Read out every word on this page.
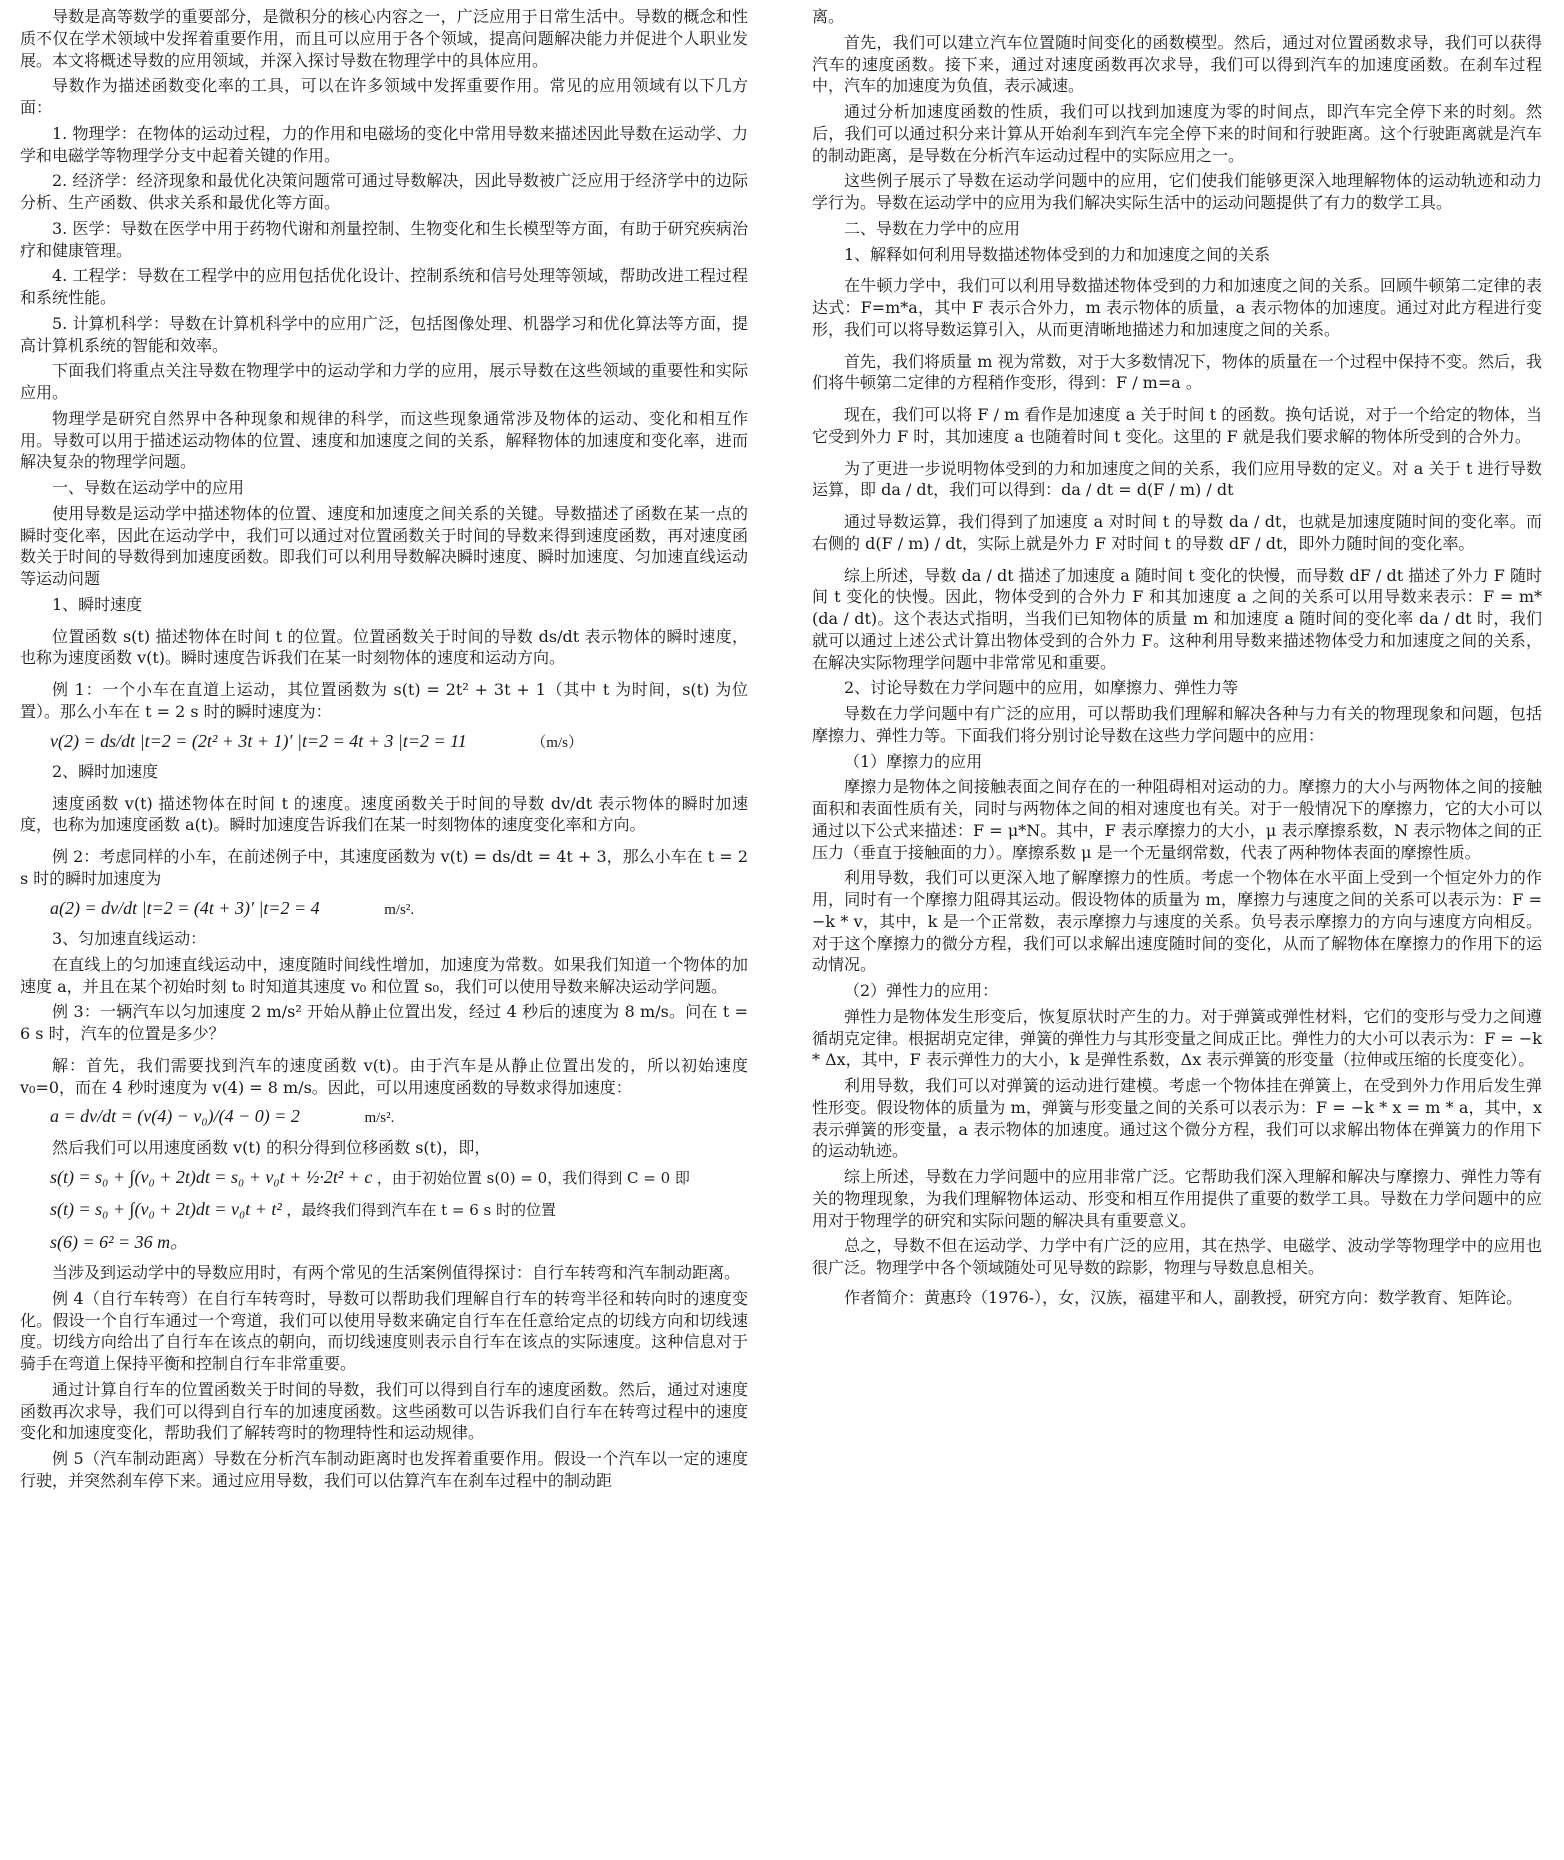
导数是高等数学的重要部分，是微积分的核心内容之一，广泛应用于日常生活中。导数的概念和性质不仅在学术领域中发挥着重要作用，而且可以应用于各个领域，提高问题解决能力并促进个人职业发展。本文将概述导数的应用领域，并深入探讨导数在物理学中的具体应用。

导数作为描述函数变化率的工具，可以在许多领域中发挥重要作用。常见的应用领域有以下几方面：

1. 物理学：在物体的运动过程，力的作用和电磁场的变化中常用导数来描述因此导数在运动学、力学和电磁学等物理学分支中起着关键的作用。

2. 经济学：经济现象和最优化决策问题常可通过导数解决，因此导数被广泛应用于经济学中的边际分析、生产函数、供求关系和最优化等方面。

3. 医学：导数在医学中用于药物代谢和剂量控制、生物变化和生长模型等方面，有助于研究疾病治疗和健康管理。

4. 工程学：导数在工程学中的应用包括优化设计、控制系统和信号处理等领域，帮助改进工程过程和系统性能。

5. 计算机科学：导数在计算机科学中的应用广泛，包括图像处理、机器学习和优化算法等方面，提高计算机系统的智能和效率。

下面我们将重点关注导数在物理学中的运动学和力学的应用，展示导数在这些领域的重要性和实际应用。

物理学是研究自然界中各种现象和规律的科学，而这些现象通常涉及物体的运动、变化和相互作用。导数可以用于描述运动物体的位置、速度和加速度之间的关系，解释物体的加速度和变化率，进而解决复杂的物理学问题。

一、导数在运动学中的应用

使用导数是运动学中描述物体的位置、速度和加速度之间关系的关键。导数描述了函数在某一点的瞬时变化率，因此在运动学中，我们可以通过对位置函数关于时间的导数来得到速度函数，再对速度函数关于时间的导数得到加速度函数。即我们可以利用导数解决瞬时速度、瞬时加速度、匀加速直线运动等运动问题

1、瞬时速度

位置函数 s(t) 描述物体在时间 t 的位置。位置函数关于时间的导数 ds/dt 表示物体的瞬时速度，也称为速度函数 v(t)。瞬时速度告诉我们在某一时刻物体的速度和运动方向。

例 1：一个小车在直道上运动，其位置函数为 s(t) = 2t² + 3t + 1（其中 t 为时间，s(t) 为位置）。那么小车在 t = 2 s 时的瞬时速度为：

v(2) = ds/dt |t=2 = (2t² + 3t + 1)′ |t=2 = 4t + 3 |t=2 = 11	（m/s）

2、瞬时加速度

速度函数 v(t) 描述物体在时间 t 的速度。速度函数关于时间的导数 dv/dt 表示物体的瞬时加速度，也称为加速度函数 a(t)。瞬时加速度告诉我们在某一时刻物体的速度变化率和方向。

例 2：考虑同样的小车，在前述例子中，其速度函数为 v(t) = ds/dt = 4t + 3，那么小车在 t = 2 s 时的瞬时加速度为

a(2) = dv/dt |t=2 = (4t + 3)′ |t=2 = 4	m/s².

3、匀加速直线运动：

在直线上的匀加速直线运动中，速度随时间线性增加，加速度为常数。如果我们知道一个物体的加速度 a，并且在某个初始时刻 t₀ 时知道其速度 v₀ 和位置 s₀，我们可以使用导数来解决运动学问题。

例 3：一辆汽车以匀加速度 2 m/s² 开始从静止位置出发，经过 4 秒后的速度为 8 m/s。问在 t = 6 s 时，汽车的位置是多少？

解：首先，我们需要找到汽车的速度函数 v(t)。由于汽车是从静止位置出发的，所以初始速度 v₀=0，而在 4 秒时速度为 v(4) = 8 m/s。因此，可以用速度函数的导数求得加速度：

a = dv/dt = (v(4) − v₀)/(4 − 0) = 2	m/s².

然后我们可以用速度函数 v(t) 的积分得到位移函数 s(t)，即，

s(t) = s₀ + ∫(v₀ + 2t)dt = s₀ + v₀t + ½·2t² + c ，由于初始位置 s(0) = 0，我们得到 C = 0 即
s(t) = s₀ + ∫(v₀ + 2t)dt = v₀t + t² ，最终我们得到汽车在 t = 6 s 时的位置
s(6) = 6² = 36 m。

当涉及到运动学中的导数应用时，有两个常见的生活案例值得探讨：自行车转弯和汽车制动距离。

例 4（自行车转弯）在自行车转弯时，导数可以帮助我们理解自行车的转弯半径和转向时的速度变化。假设一个自行车通过一个弯道，我们可以使用导数来确定自行车在任意给定点的切线方向和切线速度。切线方向给出了自行车在该点的朝向，而切线速度则表示自行车在该点的实际速度。这种信息对于骑手在弯道上保持平衡和控制自行车非常重要。

通过计算自行车的位置函数关于时间的导数，我们可以得到自行车的速度函数。然后，通过对速度函数再次求导，我们可以得到自行车的加速度函数。这些函数可以告诉我们自行车在转弯过程中的速度变化和加速度变化，帮助我们了解转弯时的物理特性和运动规律。

例 5（汽车制动距离）导数在分析汽车制动距离时也发挥着重要作用。假设一个汽车以一定的速度行驶，并突然刹车停下来。通过应用导数，我们可以估算汽车在刹车过程中的制动距

离。

首先，我们可以建立汽车位置随时间变化的函数模型。然后，通过对位置函数求导，我们可以获得汽车的速度函数。接下来，通过对速度函数再次求导，我们可以得到汽车的加速度函数。在刹车过程中，汽车的加速度为负值，表示减速。

通过分析加速度函数的性质，我们可以找到加速度为零的时间点，即汽车完全停下来的时刻。然后，我们可以通过积分来计算从开始刹车到汽车完全停下来的时间和行驶距离。这个行驶距离就是汽车的制动距离，是导数在分析汽车运动过程中的实际应用之一。

这些例子展示了导数在运动学问题中的应用，它们使我们能够更深入地理解物体的运动轨迹和动力学行为。导数在运动学中的应用为我们解决实际生活中的运动问题提供了有力的数学工具。

二、导数在力学中的应用

1、解释如何利用导数描述物体受到的力和加速度之间的关系

在牛顿力学中，我们可以利用导数描述物体受到的力和加速度之间的关系。回顾牛顿第二定律的表达式：F=m*a，其中 F 表示合外力，m 表示物体的质量，a 表示物体的加速度。通过对此方程进行变形，我们可以将导数运算引入，从而更清晰地描述力和加速度之间的关系。

首先，我们将质量 m 视为常数，对于大多数情况下，物体的质量在一个过程中保持不变。然后，我们将牛顿第二定律的方程稍作变形，得到：F / m=a 。

现在，我们可以将 F / m 看作是加速度 a 关于时间 t 的函数。换句话说，对于一个给定的物体，当它受到外力 F 时，其加速度 a 也随着时间 t 变化。这里的 F 就是我们要求解的物体所受到的合外力。

为了更进一步说明物体受到的力和加速度之间的关系，我们应用导数的定义。对 a 关于 t 进行导数运算，即 da / dt，我们可以得到：da / dt = d(F / m) / dt

通过导数运算，我们得到了加速度 a 对时间 t 的导数 da / dt，也就是加速度随时间的变化率。而右侧的 d(F / m) / dt，实际上就是外力 F 对时间 t 的导数 dF / dt，即外力随时间的变化率。

综上所述，导数 da / dt 描述了加速度 a 随时间 t 变化的快慢，而导数 dF / dt 描述了外力 F 随时间 t 变化的快慢。因此，物体受到的合外力 F 和其加速度 a 之间的关系可以用导数来表示：F = m*(da / dt)。这个表达式指明，当我们已知物体的质量 m 和加速度 a 随时间的变化率 da / dt 时，我们就可以通过上述公式计算出物体受到的合外力 F。这种利用导数来描述物体受力和加速度之间的关系，在解决实际物理学问题中非常常见和重要。

2、讨论导数在力学问题中的应用，如摩擦力、弹性力等

导数在力学问题中有广泛的应用，可以帮助我们理解和解决各种与力有关的物理现象和问题，包括摩擦力、弹性力等。下面我们将分别讨论导数在这些力学问题中的应用：

（1）摩擦力的应用

摩擦力是物体之间接触表面之间存在的一种阻碍相对运动的力。摩擦力的大小与两物体之间的接触面积和表面性质有关，同时与两物体之间的相对速度也有关。对于一般情况下的摩擦力，它的大小可以通过以下公式来描述：F = μ*N。其中，F 表示摩擦力的大小，μ 表示摩擦系数，N 表示物体之间的正压力（垂直于接触面的力）。摩擦系数 μ 是一个无量纲常数，代表了两种物体表面的摩擦性质。

利用导数，我们可以更深入地了解摩擦力的性质。考虑一个物体在水平面上受到一个恒定外力的作用，同时有一个摩擦力阻碍其运动。假设物体的质量为 m，摩擦力与速度之间的关系可以表示为：F = −k * v，其中，k 是一个正常数，表示摩擦力与速度的关系。负号表示摩擦力的方向与速度方向相反。对于这个摩擦力的微分方程，我们可以求解出速度随时间的变化，从而了解物体在摩擦力的作用下的运动情况。

（2）弹性力的应用：

弹性力是物体发生形变后，恢复原状时产生的力。对于弹簧或弹性材料，它们的变形与受力之间遵循胡克定律。根据胡克定律，弹簧的弹性力与其形变量之间成正比。弹性力的大小可以表示为：F = −k * Δx，其中，F 表示弹性力的大小，k 是弹性系数，Δx 表示弹簧的形变量（拉伸或压缩的长度变化）。

利用导数，我们可以对弹簧的运动进行建模。考虑一个物体挂在弹簧上，在受到外力作用后发生弹性形变。假设物体的质量为 m，弹簧与形变量之间的关系可以表示为：F = −k * x = m * a，其中，x 表示弹簧的形变量，a 表示物体的加速度。通过这个微分方程，我们可以求解出物体在弹簧力的作用下的运动轨迹。

综上所述，导数在力学问题中的应用非常广泛。它帮助我们深入理解和解决与摩擦力、弹性力等有关的物理现象，为我们理解物体运动、形变和相互作用提供了重要的数学工具。导数在力学问题中的应用对于物理学的研究和实际问题的解决具有重要意义。

总之，导数不但在运动学、力学中有广泛的应用，其在热学、电磁学、波动学等物理学中的应用也很广泛。物理学中各个领域随处可见导数的踪影，物理与导数息息相关。

作者简介：黄惠玲（1976-），女，汉族，福建平和人，副教授，研究方向：数学教育、矩阵论。
